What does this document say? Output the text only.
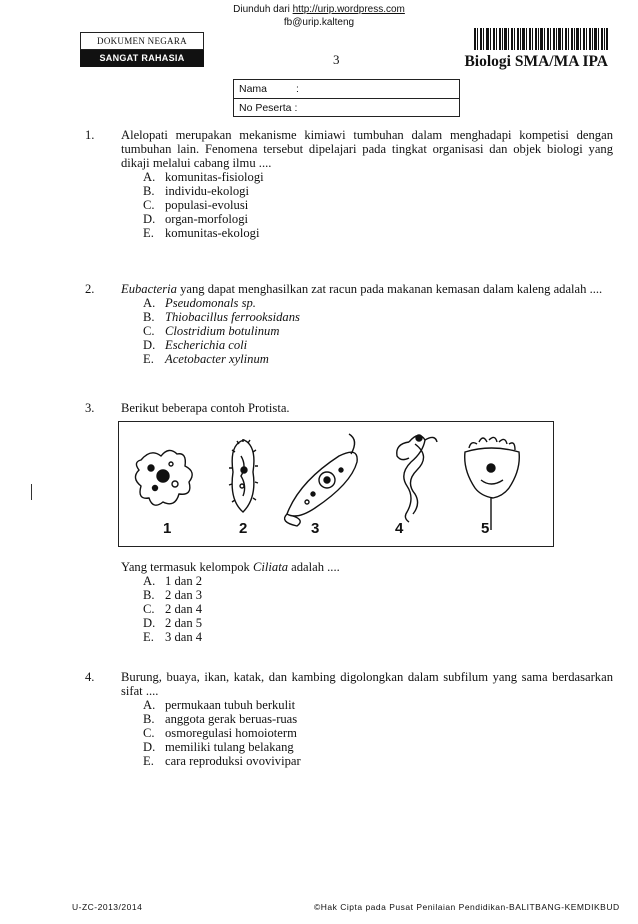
Diunduh dari http://urip.wordpress.com
fb@urip.kalteng
DOKUMEN NEGARA
SANGAT RAHASIA	3	Biologi SMA/MA IPA
Nama	:
No Peserta :
1. Alelopati merupakan mekanisme kimiawi tumbuhan dalam menghadapi kompetisi dengan tumbuhan lain. Fenomena tersebut dipelajari pada tingkat organisasi dan objek biologi yang dikaji melalui cabang ilmu ....
A. komunitas-fisiologi
B. individu-ekologi
C. populasi-evolusi
D. organ-morfologi
E. komunitas-ekologi
2. Eubacteria yang dapat menghasilkan zat racun pada makanan kemasan dalam kaleng adalah ....
A. Pseudomonals sp.
B. Thiobacillus ferrooksidans
C. Clostridium botulinum
D. Escherichia coli
E. Acetobacter xylinum
3. Berikut beberapa contoh Protista.
1	2	3	4	5
Yang termasuk kelompok Ciliata adalah ....
A. 1 dan 2
B. 2 dan 3
C. 2 dan 4
D. 2 dan 5
E. 3 dan 4
4. Burung, buaya, ikan, katak, dan kambing digolongkan dalam subfilum yang sama berdasarkan sifat ....
A. permukaan tubuh berkulit
B. anggota gerak beruas-ruas
C. osmoregulasi homoioterm
D. memiliki tulang belakang
E. cara reproduksi ovovivipar
U-ZC-2013/2014	©Hak Cipta pada Pusat Penilaian Pendidikan-BALITBANG-KEMDIKBUD
